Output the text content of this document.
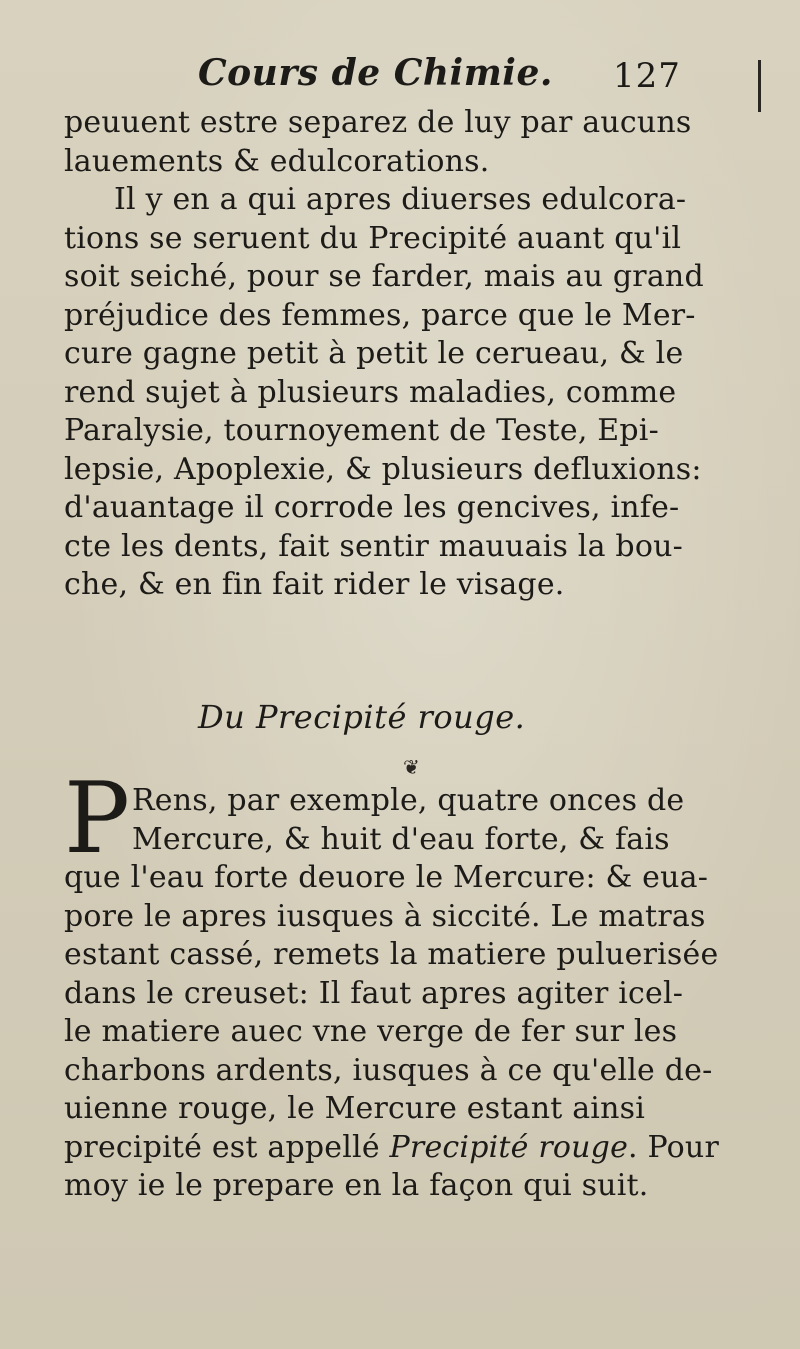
Cours de Chimie. 127
peuuent estre separez de luy par aucuns
lauements & edulcorations.
Il y en a qui apres diuerses edulcora-
tions se seruent du Precipité auant qu'il
soit seiché, pour se farder, mais au grand
préjudice des femmes, parce que le Mer-
cure gagne petit à petit le cerueau, & le
rend sujet à plusieurs maladies, comme
Paralysie, tournoyement de Teste, Epi-
lepsie, Apoplexie, & plusieurs defluxions:
d'auantage il corrode les gencives, infe-
cte les dents, fait sentir mauuais la bou-
che, & en fin fait rider le visage.
Du Precipité rouge.
❦
P Rens, par exemple, quatre onces de
Mercure, & huit d'eau forte, & fais
que l'eau forte deuore le Mercure: & eua-
pore le apres iusques à siccité. Le matras
estant cassé, remets la matiere puluerisée
dans le creuset: Il faut apres agiter icel-
le matiere auec vne verge de fer sur les
charbons ardents, iusques à ce qu'elle de-
uienne rouge, le Mercure estant ainsi
precipité est appellé Precipité rouge. Pour
moy ie le prepare en la façon qui suit.
